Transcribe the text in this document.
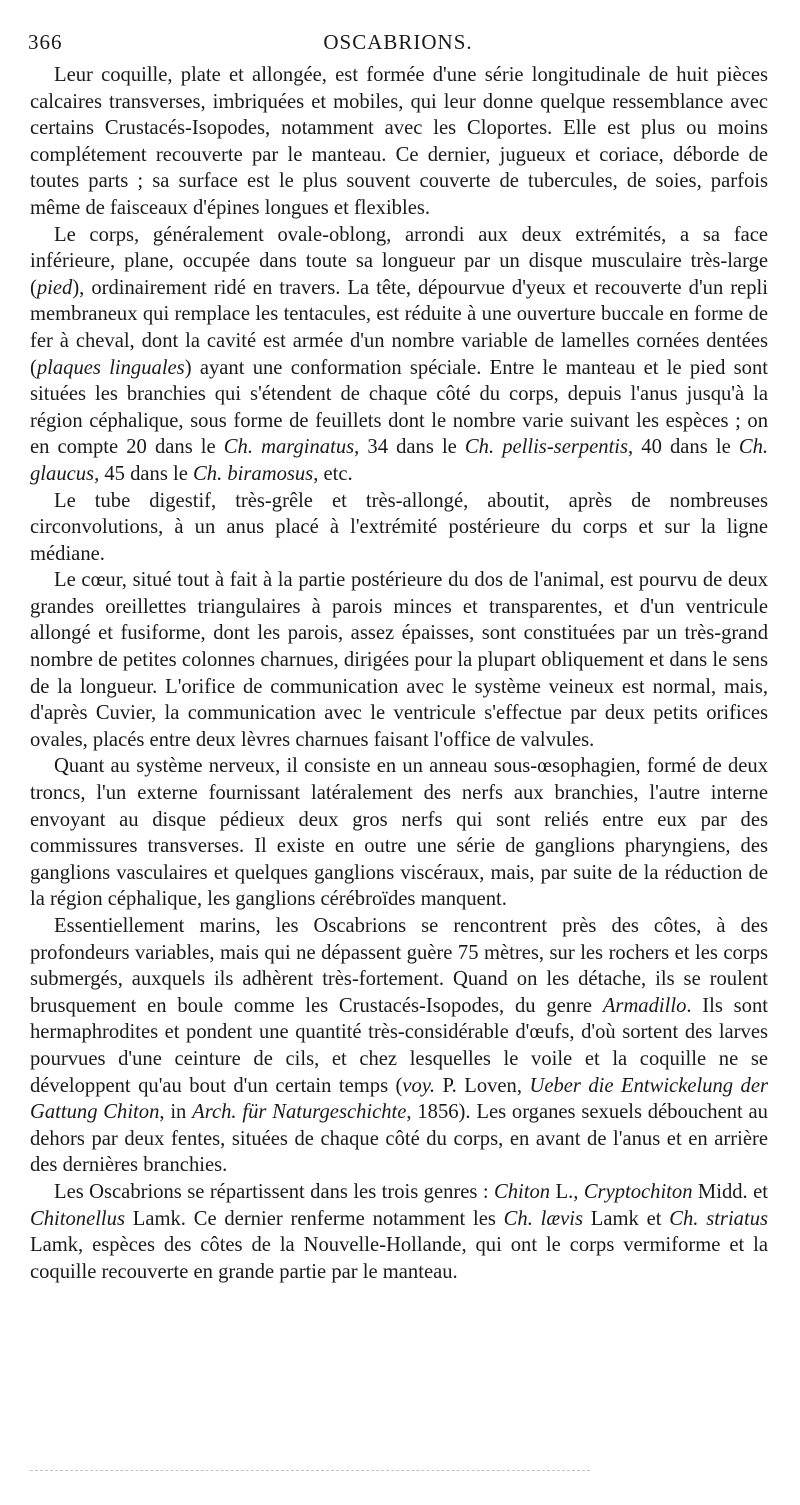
366	OSCABRIONS.

Leur coquille, plate et allongée, est formée d'une série longitudinale de huit pièces calcaires transverses, imbriquées et mobiles, qui leur donne quelque ressemblance avec certains Crustacés-Isopodes, notamment avec les Cloportes. Elle est plus ou moins complétement recouverte par le manteau. Ce dernier, jugueux et coriace, déborde de toutes parts ; sa surface est le plus souvent couverte de tubercules, de soies, parfois même de faisceaux d'épines longues et flexibles.

Le corps, généralement ovale-oblong, arrondi aux deux extrémités, a sa face inférieure, plane, occupée dans toute sa longueur par un disque musculaire très-large (pied), ordinairement ridé en travers. La tête, dépourvue d'yeux et recouverte d'un repli membraneux qui remplace les tentacules, est réduite à une ouverture buccale en forme de fer à cheval, dont la cavité est armée d'un nombre variable de lamelles cornées dentées (plaques linguales) ayant une conformation spéciale. Entre le manteau et le pied sont situées les branchies qui s'étendent de chaque côté du corps, depuis l'anus jusqu'à la région céphalique, sous forme de feuillets dont le nombre varie suivant les espèces ; on en compte 20 dans le Ch. marginatus, 34 dans le Ch. pellis-serpentis, 40 dans le Ch. glaucus, 45 dans le Ch. biramosus, etc.

Le tube digestif, très-grêle et très-allongé, aboutit, après de nombreuses circonvolutions, à un anus placé à l'extrémité postérieure du corps et sur la ligne médiane.

Le cœur, situé tout à fait à la partie postérieure du dos de l'animal, est pourvu de deux grandes oreillettes triangulaires à parois minces et transparentes, et d'un ventricule allongé et fusiforme, dont les parois, assez épaisses, sont constituées par un très-grand nombre de petites colonnes charnues, dirigées pour la plupart obliquement et dans le sens de la longueur. L'orifice de communication avec le système veineux est normal, mais, d'après Cuvier, la communication avec le ventricule s'effectue par deux petits orifices ovales, placés entre deux lèvres charnues faisant l'office de valvules.

Quant au système nerveux, il consiste en un anneau sous-œsophagien, formé de deux troncs, l'un externe fournissant latéralement des nerfs aux branchies, l'autre interne envoyant au disque pédieux deux gros nerfs qui sont reliés entre eux par des commissures transverses. Il existe en outre une série de ganglions pharyngiens, des ganglions vasculaires et quelques ganglions viscéraux, mais, par suite de la réduction de la région céphalique, les ganglions cérébroïdes manquent.

Essentiellement marins, les Oscabrions se rencontrent près des côtes, à des profondeurs variables, mais qui ne dépassent guère 75 mètres, sur les rochers et les corps submergés, auxquels ils adhèrent très-fortement. Quand on les détache, ils se roulent brusquement en boule comme les Crustacés-Isopodes, du genre Armadillo. Ils sont hermaphrodites et pondent une quantité très-considérable d'œufs, d'où sortent des larves pourvues d'une ceinture de cils, et chez lesquelles le voile et la coquille ne se développent qu'au bout d'un certain temps (voy. P. Loven, Ueber die Entwickelung der Gattung Chiton, in Arch. für Naturgeschichte, 1856). Les organes sexuels débouchent au dehors par deux fentes, situées de chaque côté du corps, en avant de l'anus et en arrière des dernières branchies.

Les Oscabrions se répartissent dans les trois genres : Chiton L., Cryptochiton Midd. et Chitonellus Lamk. Ce dernier renferme notamment les Ch. lævis Lamk et Ch. striatus Lamk, espèces des côtes de la Nouvelle-Hollande, qui ont le corps vermiforme et la coquille recouverte en grande partie par le manteau.
